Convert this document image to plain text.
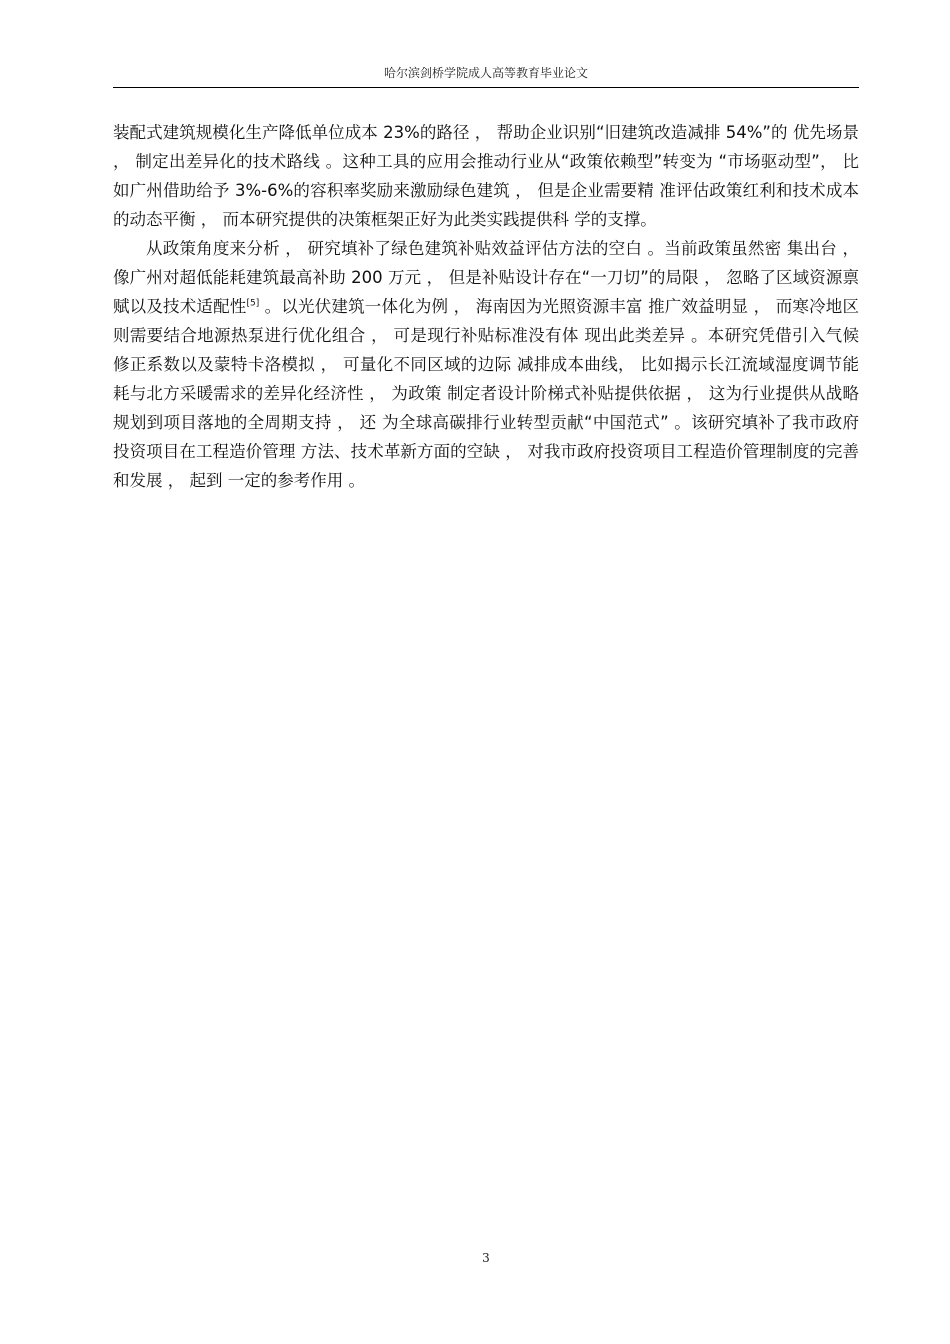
哈尔滨剑桥学院成人高等教育毕业论文

装配式建筑规模化生产降低单位成本 23%的路径 ， 帮助企业识别“旧建筑改造减排 54%”的 优先场景 ， 制定出差异化的技术路线 。这种工具的应用会推动行业从“政策依赖型”转变为 “市场驱动型”， 比如广州借助给予 3%-6%的容积率奖励来激励绿色建筑 ， 但是企业需要精 准评估政策红利和技术成本的动态平衡 ， 而本研究提供的决策框架正好为此类实践提供科 学的支撑。

从政策角度来分析 ， 研究填补了绿色建筑补贴效益评估方法的空白 。当前政策虽然密 集出台 ， 像广州对超低能耗建筑最高补助 200 万元 ， 但是补贴设计存在“一刀切”的局限 ， 忽略了区域资源禀赋以及技术适配性[5] 。以光伏建筑一体化为例 ， 海南因为光照资源丰富 推广效益明显 ， 而寒冷地区则需要结合地源热泵进行优化组合 ， 可是现行补贴标准没有体 现出此类差异 。本研究凭借引入气候修正系数以及蒙特卡洛模拟 ， 可量化不同区域的边际 减排成本曲线， 比如揭示长江流域湿度调节能耗与北方采暖需求的差异化经济性 ， 为政策 制定者设计阶梯式补贴提供依据 ， 这为行业提供从战略规划到项目落地的全周期支持 ， 还 为全球高碳排行业转型贡献“中国范式” 。该研究填补了我市政府投资项目在工程造价管理 方法、技术革新方面的空缺 ， 对我市政府投资项目工程造价管理制度的完善和发展 ， 起到 一定的参考作用 。

3
